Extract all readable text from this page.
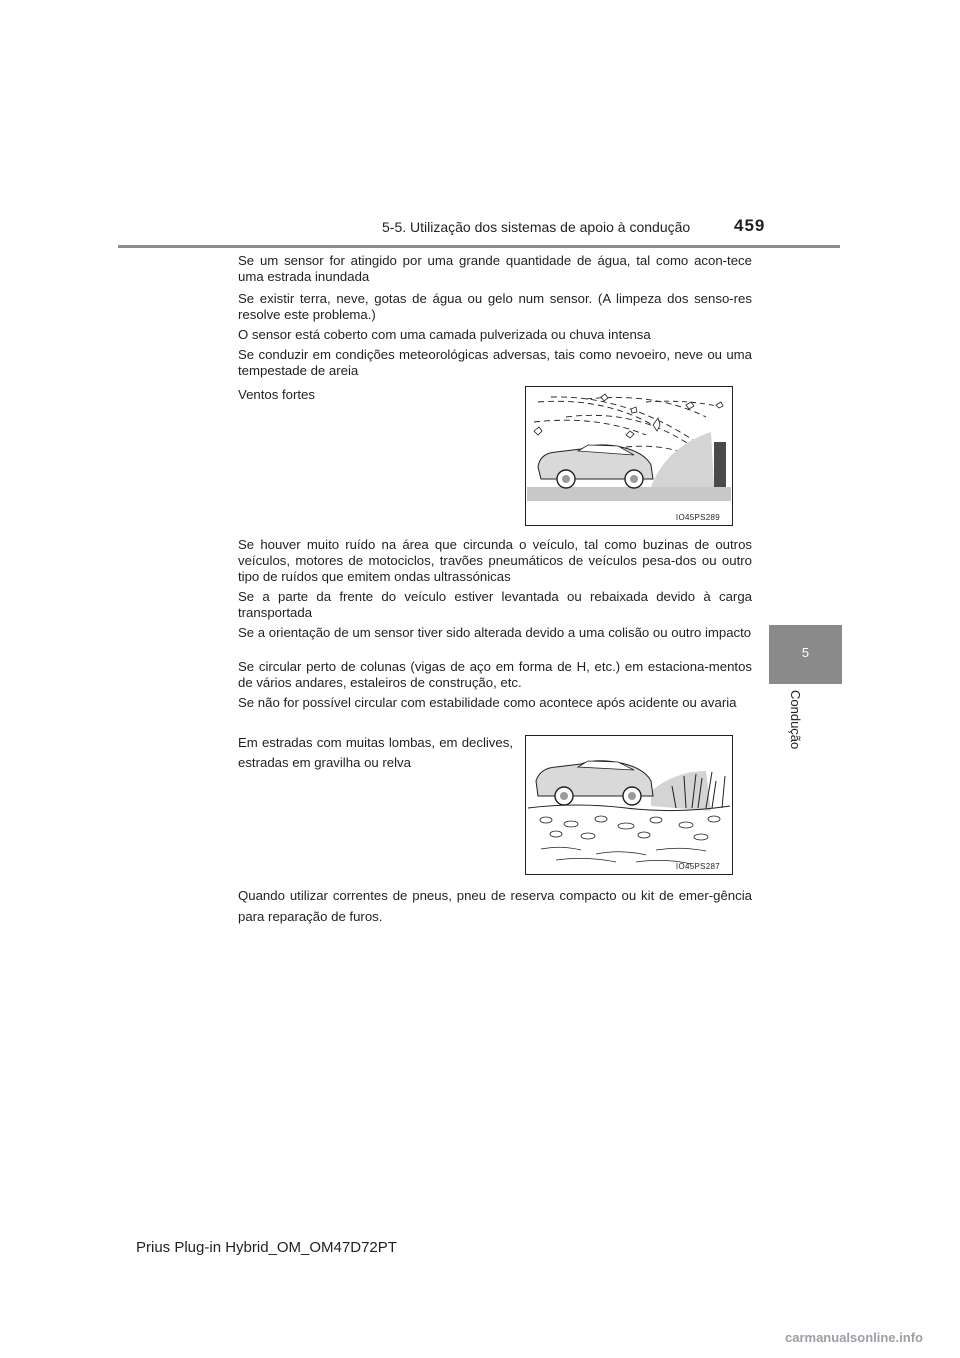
5-5. Utilização dos sistemas de apoio à condução	459
5
Condução
Se um sensor for atingido por uma grande quantidade de água, tal como acon-tece uma estrada inundada
Se existir terra, neve, gotas de água ou gelo num sensor. (A limpeza dos senso-res resolve este problema.)
O sensor está coberto com uma camada pulverizada ou chuva intensa
Se conduzir em condições meteorológicas adversas, tais como nevoeiro, neve ou uma tempestade de areia
Ventos fortes
IO45PS289
Se houver muito ruído na área que circunda o veículo, tal como buzinas de outros veículos, motores de motociclos, travões pneumáticos de veículos pesa-dos ou outro tipo de ruídos que emitem ondas ultrassónicas
Se a parte da frente do veículo estiver levantada ou rebaixada devido à carga transportada
Se a orientação de um sensor tiver sido alterada devido a uma colisão ou outro impacto
Se circular perto de colunas (vigas de aço em forma de H, etc.) em estaciona-mentos de vários andares, estaleiros de construção, etc.
Se não for possível circular com estabilidade como acontece após acidente ou avaria
Em estradas com muitas lombas, em declives, estradas em gravilha ou relva
IO45PS287
Quando utilizar correntes de pneus, pneu de reserva compacto ou kit de emer-gência para reparação de furos.
Prius Plug-in Hybrid_OM_OM47D72PT
carmanualsonline.info
